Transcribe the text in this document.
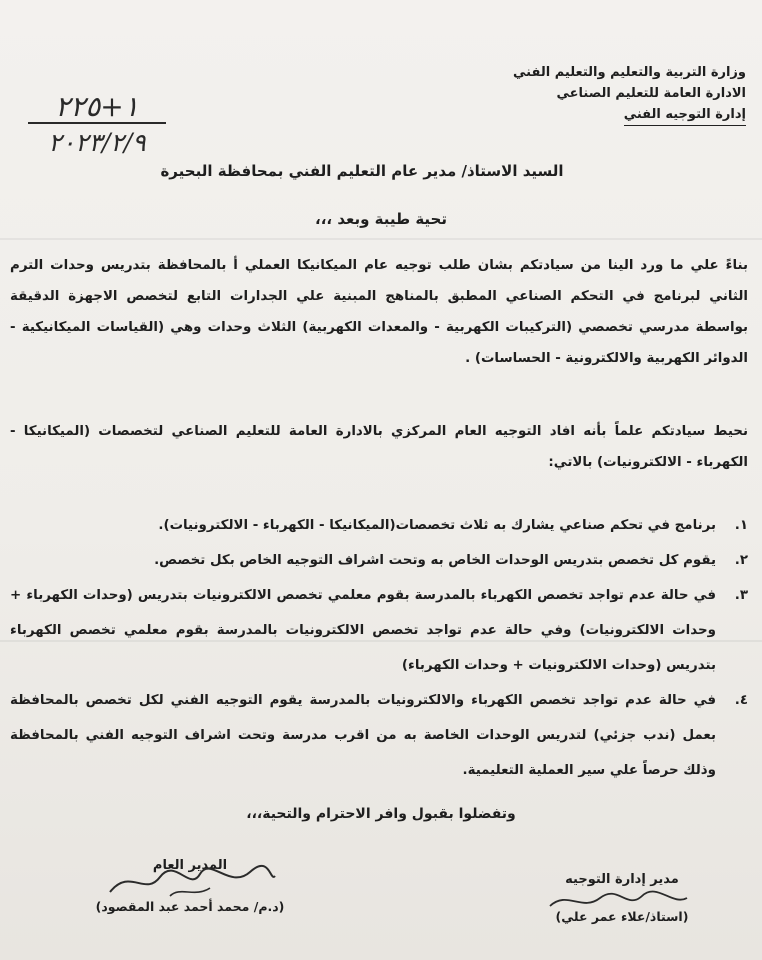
وزارة التربية والتعليم والتعليم الفني
الادارة العامة للتعليم الصناعي
إدارة التوجيه الفني
١+٢٢٥
٢٠٢٣/٢/٩
السيد الاستاذ/ مدير عام التعليم الفني بمحافظة البحيرة
تحية طيبة وبعد ،،،

بناءً علي ما ورد الينا من سيادتكم بشان طلب توجيه عام الميكانيكا العملي أ بالمحافظة بتدريس وحدات الترم الثاني لبرنامج في التحكم الصناعي المطبق بالمناهج المبنية علي الجدارات التابع لتخصص الاجهزة الدقيقة بواسطة مدرسي تخصصي (التركيبات الكهربية - والمعدات الكهربية) الثلاث وحدات وهي (القياسات الميكانيكية - الدوائر الكهربية والالكترونية - الحساسات) .

نحيط سيادتكم علماً بأنه افاد التوجيه العام المركزي بالادارة العامة للتعليم الصناعي لتخصصات (الميكانيكا - الكهرباء - الالكترونيات) بالاتي:

١.
برنامج في تحكم صناعي يشارك به ثلاث تخصصات(الميكانيكا - الكهرباء - الالكترونيات).
٢.
يقوم كل تخصص بتدريس الوحدات الخاص به وتحت اشراف التوجيه الخاص بكل تخصص.
٣.
في حالة عدم تواجد تخصص الكهرباء بالمدرسة بقوم معلمي تخصص الالكترونيات بتدريس (وحدات الكهرباء + وحدات الالكترونيات) وفي حالة عدم تواجد تخصص الالكترونيات بالمدرسة بقوم معلمي تخصص الكهرباء بتدريس (وحدات الالكترونيات + وحدات الكهرباء)
٤.
في حالة عدم تواجد تخصص الكهرباء والالكترونيات بالمدرسة يقوم التوجيه الفني لكل تخصص بالمحافظة بعمل (ندب جزئي) لتدريس الوحدات الخاصة به من اقرب مدرسة وتحت اشراف التوجيه الفني بالمحافظة وذلك حرصاً علي سير العملية التعليمية.
وتفضلوا بقبول وافر الاحترام والتحية،،،
المدير العام
(د.م/ محمد أحمد عبد المقصود)
مدير إدارة التوجيه
(استاذ/علاء عمر علي)
